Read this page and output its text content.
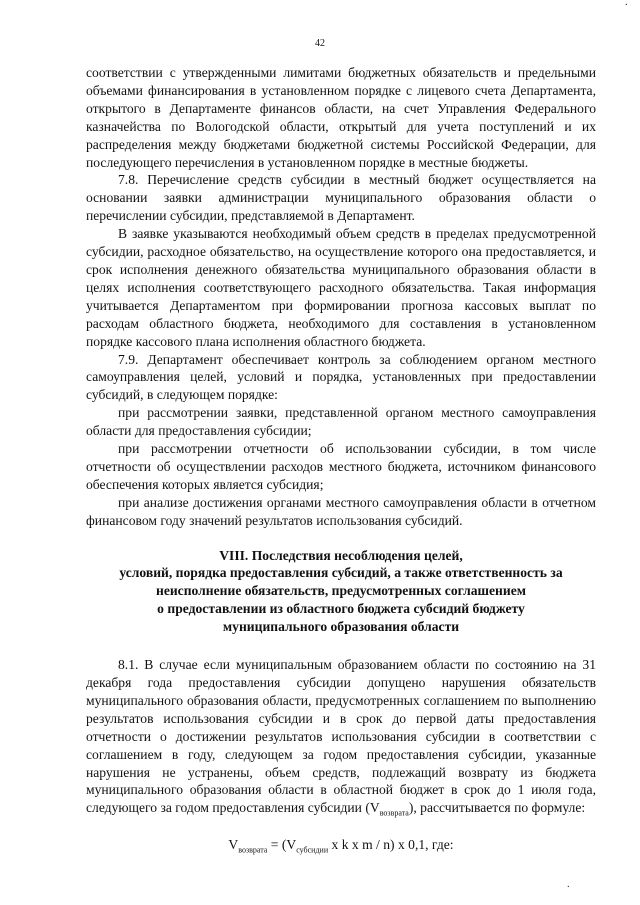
·
42

соответствии с утвержденными лимитами бюджетных обязательств и предельными объемами финансирования в установленном порядке с лицевого счета Департамента, открытого в Департаменте финансов области, на счет Управления Федерального казначейства по Вологодской области, открытый для учета поступлений и их распределения между бюджетами бюджетной системы Российской Федерации, для последующего перечисления в установленном порядке в местные бюджеты.

7.8. Перечисление средств субсидии в местный бюджет осуществляется на основании заявки администрации муниципального образования области о перечислении субсидии, представляемой в Департамент.

В заявке указываются необходимый объем средств в пределах предусмотренной субсидии, расходное обязательство, на осуществление которого она предоставляется, и срок исполнения денежного обязательства муниципального образования области в целях исполнения соответствующего расходного обязательства. Такая информация учитывается Департаментом при формировании прогноза кассовых выплат по расходам областного бюджета, необходимого для составления в установленном порядке кассового плана исполнения областного бюджета.

7.9. Департамент обеспечивает контроль за соблюдением органом местного самоуправления целей, условий и порядка, установленных при предоставлении субсидий, в следующем порядке:

при рассмотрении заявки, представленной органом местного самоуправления области для предоставления субсидии;

при рассмотрении отчетности об использовании субсидии, в том числе отчетности об осуществлении расходов местного бюджета, источником финансового обеспечения которых является субсидия;

при анализе достижения органами местного самоуправления области в отчетном финансовом году значений результатов использования субсидий.

VIII. Последствия несоблюдения целей,
условий, порядка предоставления субсидий, а также ответственность за
неисполнение обязательств, предусмотренных соглашением
о предоставлении из областного бюджета субсидий бюджету
муниципального образования области

8.1. В случае если муниципальным образованием области по состоянию на 31 декабря года предоставления субсидии допущено нарушения обязательств муниципального образования области, предусмотренных соглашением по выполнению результатов использования субсидии и в срок до первой даты предоставления отчетности о достижении результатов использования субсидии в соответствии с соглашением в году, следующем за годом предоставления субсидии, указанные нарушения не устранены, объем средств, подлежащий возврату из бюджета муниципального образования области в областной бюджет в срок до 1 июля года, следующего за годом предоставления субсидии $(V_{возврата})$, рассчитывается по формуле:

$V_{возврата} = (V_{субсидии}$ x k x m / n) x 0,1, где:
·
